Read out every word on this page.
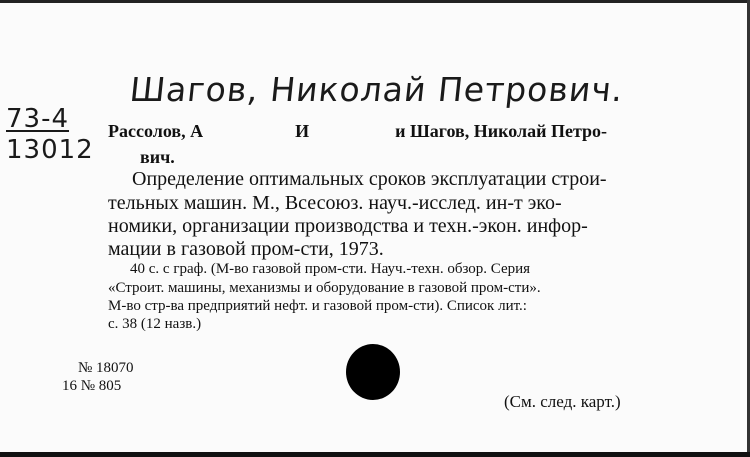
Шагов, Николай Петрович.
73-4
13012
Рассолов, А	И	и Шагов, Николай Петро-
вич.
Определение оптимальных сроков эксплуатации строи-
тельных машин. М., Всесоюз. науч.-исслед. ин-т эко-
номики, организации производства и техн.-экон. инфор-
мации в газовой пром-сти, 1973.
40 с. с граф. (М-во газовой пром-сти. Науч.-техн. обзор. Серия
«Строит. машины, механизмы и оборудование в газовой пром-сти».
М-во стр-ва предприятий нефт. и газовой пром-сти). Список лит.:
с. 38 (12 назв.)
№ 18070
16 № 805
(См. след. карт.)
